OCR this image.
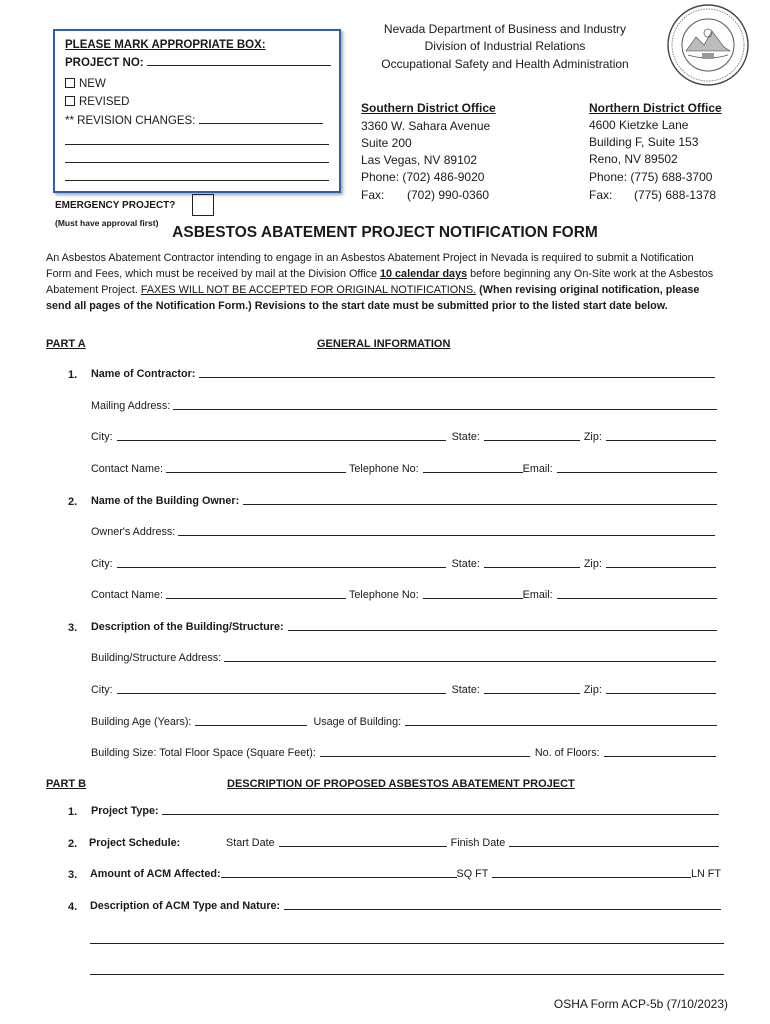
PLEASE MARK APPROPRIATE BOX:
PROJECT NO:
NEW
REVISED
** REVISION CHANGES:
EMERGENCY PROJECT?
(Must have approval first)
Nevada Department of Business and Industry
Division of Industrial Relations
Occupational Safety and Health Administration
Southern District Office
3360 W. Sahara Avenue
Suite 200
Las Vegas, NV 89102
Phone: (702) 486-9020
Fax: (702) 990-0360
Northern District Office
4600 Kietzke Lane
Building F, Suite 153
Reno, NV 89502
Phone: (775) 688-3700
Fax: (775) 688-1378
ASBESTOS ABATEMENT PROJECT NOTIFICATION FORM
An Asbestos Abatement Contractor intending to engage in an Asbestos Abatement Project in Nevada is required to submit a Notification Form and Fees, which must be received by mail at the Division Office 10 calendar days before beginning any On-Site work at the Asbestos Abatement Project. FAXES WILL NOT BE ACCEPTED FOR ORIGINAL NOTIFICATIONS. (When revising original notification, please send all pages of the Notification Form.) Revisions to the start date must be submitted prior to the listed start date below.
PART A	GENERAL INFORMATION
1. Name of Contractor:
Mailing Address:
City:	State:	Zip:
Contact Name:	Telephone No:	Email:
2. Name of the Building Owner:
Owner's Address:
City:	State:	Zip:
Contact Name:	Telephone No:	Email:
3. Description of the Building/Structure:
Building/Structure Address:
City:	State:	Zip:
Building Age (Years):	Usage of Building:
Building Size: Total Floor Space (Square Feet):	No. of Floors:
PART B	DESCRIPTION OF PROPOSED ASBESTOS ABATEMENT PROJECT
1. Project Type:
2. Project Schedule:	Start Date	Finish Date
3. Amount of ACM Affected:	SQ FT	LN FT
4. Description of ACM Type and Nature:
OSHA Form ACP-5b (7/10/2023)
